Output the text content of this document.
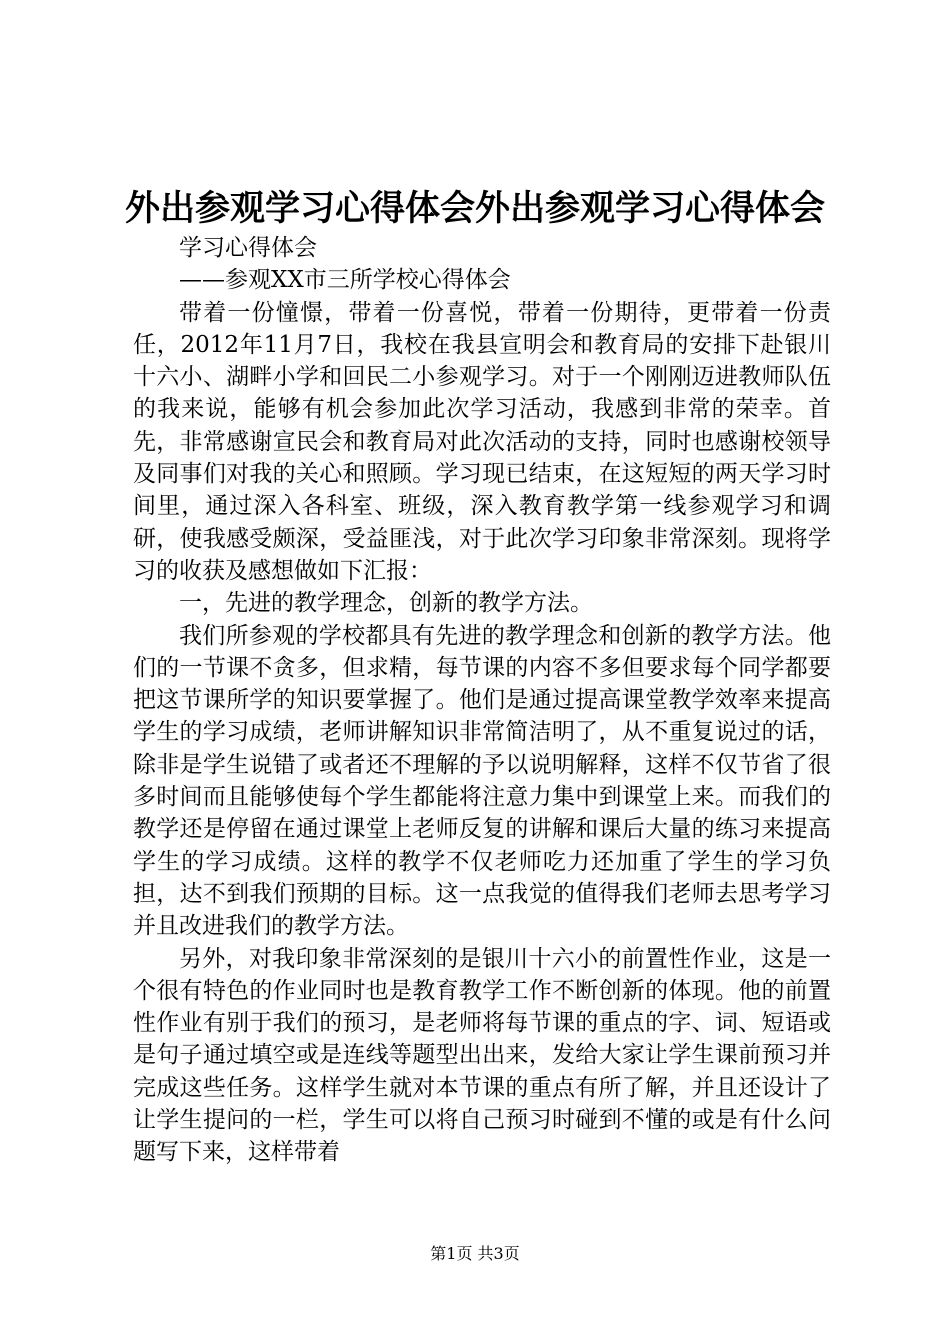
外出参观学习心得体会外出参观学习心得体会

学习心得体会

——参观XX市三所学校心得体会

带着一份憧憬，带着一份喜悦，带着一份期待，更带着一份责任，2012年11月7日，我校在我县宣明会和教育局的安排下赴银川十六小、湖畔小学和回民二小参观学习。对于一个刚刚迈进教师队伍的我来说，能够有机会参加此次学习活动，我感到非常的荣幸。首先，非常感谢宣民会和教育局对此次活动的支持，同时也感谢校领导及同事们对我的关心和照顾。学习现已结束，在这短短的两天学习时间里，通过深入各科室、班级，深入教育教学第一线参观学习和调研，使我感受颇深，受益匪浅，对于此次学习印象非常深刻。现将学习的收获及感想做如下汇报：

一，先进的教学理念，创新的教学方法。

我们所参观的学校都具有先进的教学理念和创新的教学方法。他们的一节课不贪多，但求精，每节课的内容不多但要求每个同学都要把这节课所学的知识要掌握了。他们是通过提高课堂教学效率来提高学生的学习成绩，老师讲解知识非常简洁明了，从不重复说过的话，除非是学生说错了或者还不理解的予以说明解释，这样不仅节省了很多时间而且能够使每个学生都能将注意力集中到课堂上来。而我们的教学还是停留在通过课堂上老师反复的讲解和课后大量的练习来提高学生的学习成绩。这样的教学不仅老师吃力还加重了学生的学习负担，达不到我们预期的目标。这一点我觉的值得我们老师去思考学习并且改进我们的教学方法。

另外，对我印象非常深刻的是银川十六小的前置性作业，这是一个很有特色的作业同时也是教育教学工作不断创新的体现。他的前置性作业有别于我们的预习，是老师将每节课的重点的字、词、短语或是句子通过填空或是连线等题型出出来，发给大家让学生课前预习并完成这些任务。这样学生就对本节课的重点有所了解，并且还设计了让学生提问的一栏，学生可以将自己预习时碰到不懂的或是有什么问题写下来，这样带着

第1页 共3页
